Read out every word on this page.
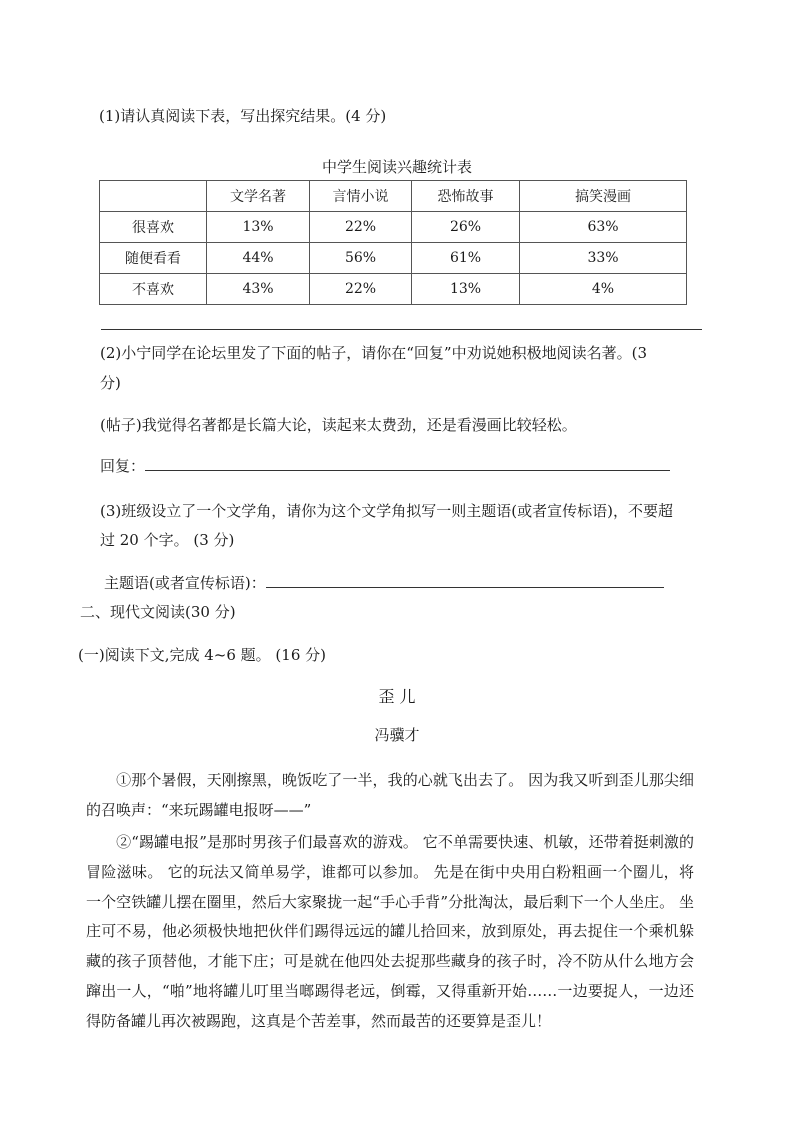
(1)请认真阅读下表，写出探究结果。(4 分)
中学生阅读兴趣统计表
	文学名著	言情小说	恐怖故事	搞笑漫画
很喜欢	13%	22%	26%	63%
随便看看	44%	56%	61%	33%
不喜欢	43%	22%	13%	4%
(2)小宁同学在论坛里发了下面的帖子，请你在“回复”中劝说她积极地阅读名著。(3
分)
(帖子)我觉得名著都是长篇大论，读起来太费劲，还是看漫画比较轻松。
回复：
(3)班级设立了一个文学角，请你为这个文学角拟写一则主题语(或者宣传标语)，不要超
过 20 个字。 (3 分)
主题语(或者宣传标语)：
二、现代文阅读(30 分)
(一)阅读下文,完成 4~6 题。 (16 分)
歪 儿
冯骥才
　　①那个暑假，天刚擦黑，晚饭吃了一半，我的心就飞出去了。 因为我又听到歪儿那尖细的召唤声：“来玩踢罐电报呀——”
　　②“踢罐电报”是那时男孩子们最喜欢的游戏。 它不单需要快速、机敏，还带着挺刺激的冒险滋味。 它的玩法又简单易学，谁都可以参加。 先是在街中央用白粉粗画一个圈儿，将一个空铁罐儿摆在圈里，然后大家聚拢一起“手心手背”分批淘汰，最后剩下一个人坐庄。 坐庄可不易，他必须极快地把伙伴们踢得远远的罐儿拾回来，放到原处，再去捉住一个乘机躲藏的孩子顶替他，才能下庄；可是就在他四处去捉那些藏身的孩子时，冷不防从什么地方会蹿出一人，“啪”地将罐儿叮里当啷踢得老远，倒霉，又得重新开始……一边要捉人，一边还得防备罐儿再次被踢跑，这真是个苦差事，然而最苦的还要算是歪儿！
